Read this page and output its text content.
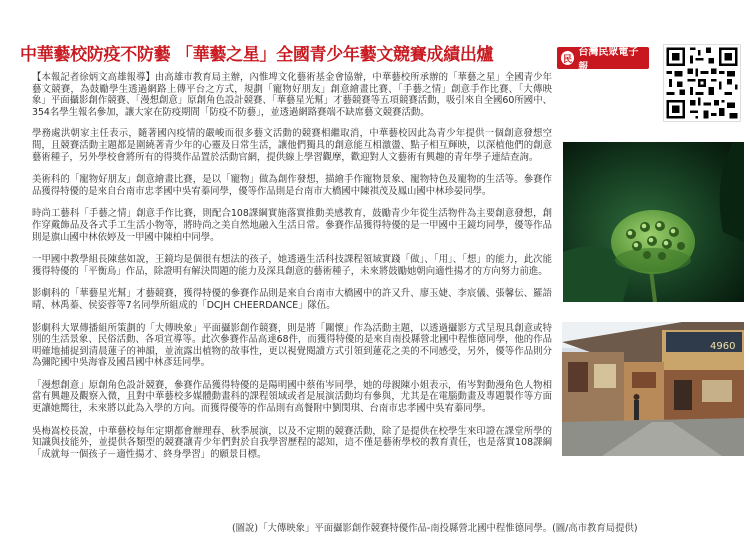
中華藝校防疫不防藝 「華藝之星」全國青少年藝文競賽成績出爐	民
台灣民眾電子報

【本報記者徐炳文高雄報導】由高雄市教育局主辦，內惟埤文化藝術基金會協辦，中華藝校所承辦的「華藝之星」全國青少年藝文競賽，為鼓勵學生透過網路上傳平台之方式，規劃「寵物好朋友」創意繪畫比賽、「手藝之情」創意手作比賽、「大傳映象」平面攝影創作競賽、「漫想創意」原創角色設計競賽、「華藝星光幫」才藝競賽等五項競賽活動，吸引來自全國60所國中、354名學生報名參加，讓大家在防疫期間「防疫不防藝」，並透過網路賽端不缺席藝文競賽活動。

學務處洪朝家主任表示，隨著國內疫情的嚴峻而很多藝文活動的競賽相繼取消，中華藝校因此為青少年提供一個創意發想空間，且競賽活動主題都是圍繞著青少年的心靈及日常生活，讓他們獨具的創意能互相激盪、點子相互輝映，以深植他們的創意藝術種子，另外學校會將所有的得獎作品置於活動官網，提供線上學習觀摩，歡迎對人文藝術有興趣的青年學子連結查詢。

美術科的「寵物好朋友」創意繪畫比賽，是以「寵物」做為創作發想，描繪手作寵物景象、寵物特色及寵物的生活等。參賽作品獲得特優的是來自台南市忠孝國中吳宥蓁同學，優等作品則是台南市大橋國中陳祺茂及鳳山國中林珍晏同學。

時尚工藝科「手藝之情」創意手作比賽，則配合108課綱實施落實推動美感教育，鼓勵青少年從生活物件為主要創意發想，創作穿戴飾品及各式手工生活小物等，將時尚之美自然地融入生活日常。參賽作品獲得特優的是一甲國中王鏡均同學，優等作品則是旗山國中林依婷及一甲國中陳柏中同學。

一甲國中教學組長陳慈如說，王鏡均是個很有想法的孩子，她透過生活科技課程領域實踐「做」、「用」、「想」的能力，此次能獲得特優的「平衡鳥」作品，除證明有解決問題的能力及深具創意的藝術種子，未來將鼓勵她朝向適性揚才的方向努力前進。

影劇科的「華藝星光幫」才藝競賽，獲得特優的參賽作品則是來自台南市大橋國中的許又升、廖玉婕、李宸儀、張馨伝、羅語晴、林禹蓁、侯姿蓉等7名同學所組成的「DCJH CHEERDANCE」隊伍。

影劇科大眾傳播組所策劃的「大傳映象」平面攝影創作競賽，則是將「關懷」作為活動主題，以透過攝影方式呈現具創意或特別的生活景象、民俗活動、各項宣導等。此次參賽作品高達68件，而獲得特優的是來自南投縣營北國中程惟德同學，他的作品明確地捕捉到清晨蓮子的神韻，並流露出植物的故事性，更以視覺閱讀方式引領到蓮花之美的不同感受，另外，優等作品則分為彌陀國中吳海睿及國昌國中林彥廷同學。

「漫想創意」原創角色設計競賽，參賽作品獲得特優的是陽明國中蔡侑岑同學，她的母親陳小姐表示，侑岑對動漫角色人物相當有興趣及觀察入微，且對中華藝校多媒體動畫科的課程領域或者是展演活動均有參與，尤其是在電腦動畫及專題製作等方面更讓她嚮往，未來將以此為入學的方向。而獲得優等的作品則有高餐附中劉閔琪、台南市忠孝國中吳宥蓁同學。

吳梅嵩校長說，中華藝校每年定期都會辦理春、秋季展演，以及不定期的競賽活動，除了是提供在校學生來印證在課堂所學的知識與技能外，並提供各類型的競賽讓青少年們對於自我學習歷程的認知，這不僅是藝術學校的教育責任，也是落實108課綱「成就每一個孩子－適性揚才、終身學習」的願景目標。

4960
(圖說)「大傳映象」平面攝影創作競賽特優作品-南投縣營北國中程惟德同學。(圖/高市教育局提供)
